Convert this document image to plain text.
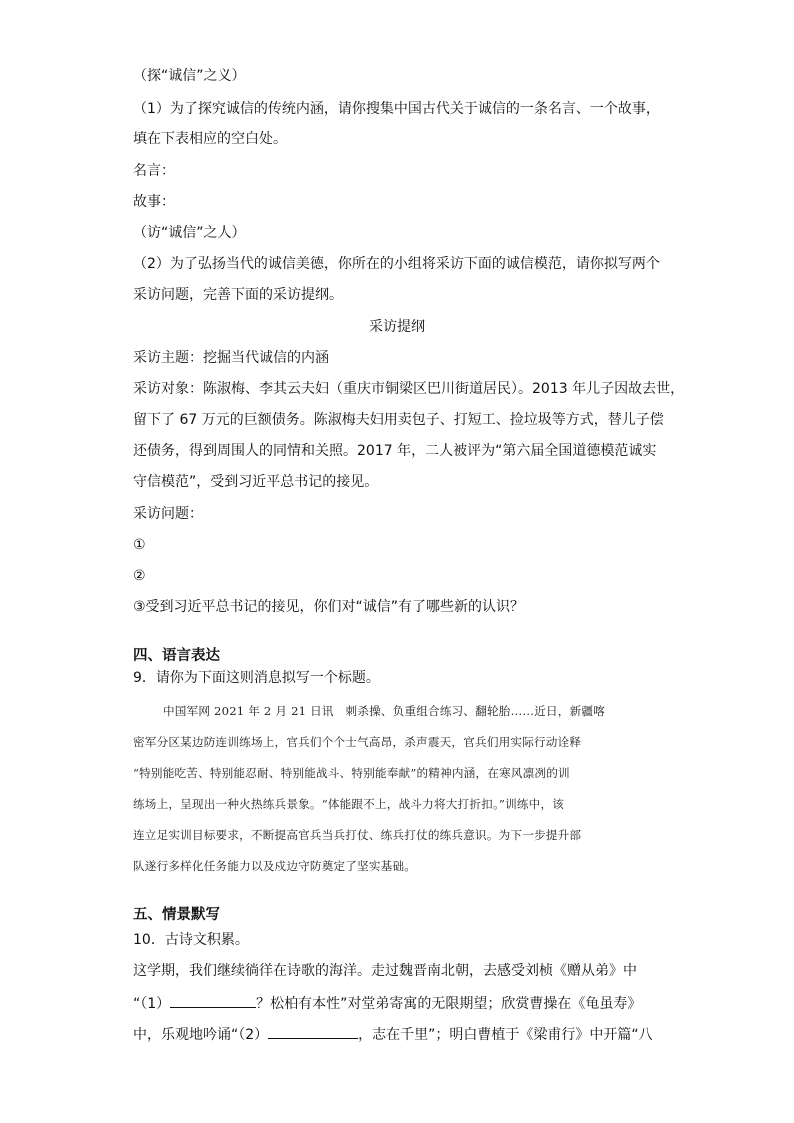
（探“诚信”之义）
（1）为了探究诚信的传统内涵，请你搜集中国古代关于诚信的一条名言、一个故事，
填在下表相应的空白处。
名言：
故事：
（访“诚信”之人）
（2）为了弘扬当代的诚信美德，你所在的小组将采访下面的诚信模范，请你拟写两个
采访问题，完善下面的采访提纲。
采访提纲
采访主题：挖掘当代诚信的内涵
采访对象：陈淑梅、李其云夫妇（重庆市铜梁区巴川街道居民）。2013 年儿子因故去世，
留下了 67 万元的巨额债务。陈淑梅夫妇用卖包子、打短工、捡垃圾等方式，替儿子偿
还债务，得到周围人的同情和关照。2017 年，二人被评为“第六届全国道德模范诚实
守信模范”，受到习近平总书记的接见。
采访问题：
①
②
③受到习近平总书记的接见，你们对“诚信”有了哪些新的认识？
四、语言表达
9．请你为下面这则消息拟写一个标题。
中国军网 2021 年 2 月 21 日讯　刺杀操、负重组合练习、翻轮胎……近日，新疆喀
密军分区某边防连训练场上，官兵们个个士气高昂，杀声震天，官兵们用实际行动诠释
“特别能吃苦、特别能忍耐、特别能战斗、特别能奉献”的精神内涵，在寒风凛冽的训
练场上，呈现出一种火热练兵景象。“体能跟不上，战斗力将大打折扣。”训练中，该
连立足实训目标要求，不断提高官兵当兵打仗、练兵打仗的练兵意识。为下一步提升部
队遂行多样化任务能力以及戍边守防奠定了坚实基础。
五、情景默写
10．古诗文积累。
这学期，我们继续徜徉在诗歌的海洋。走过魏晋南北朝，去感受刘桢《赠从弟》中
“（1）	？松柏有本性”对堂弟寄寓的无限期望；欣赏曹操在《龟虽寿》
中，乐观地吟诵“（2）	，志在千里”；明白曹植于《梁甫行》中开篇“八
